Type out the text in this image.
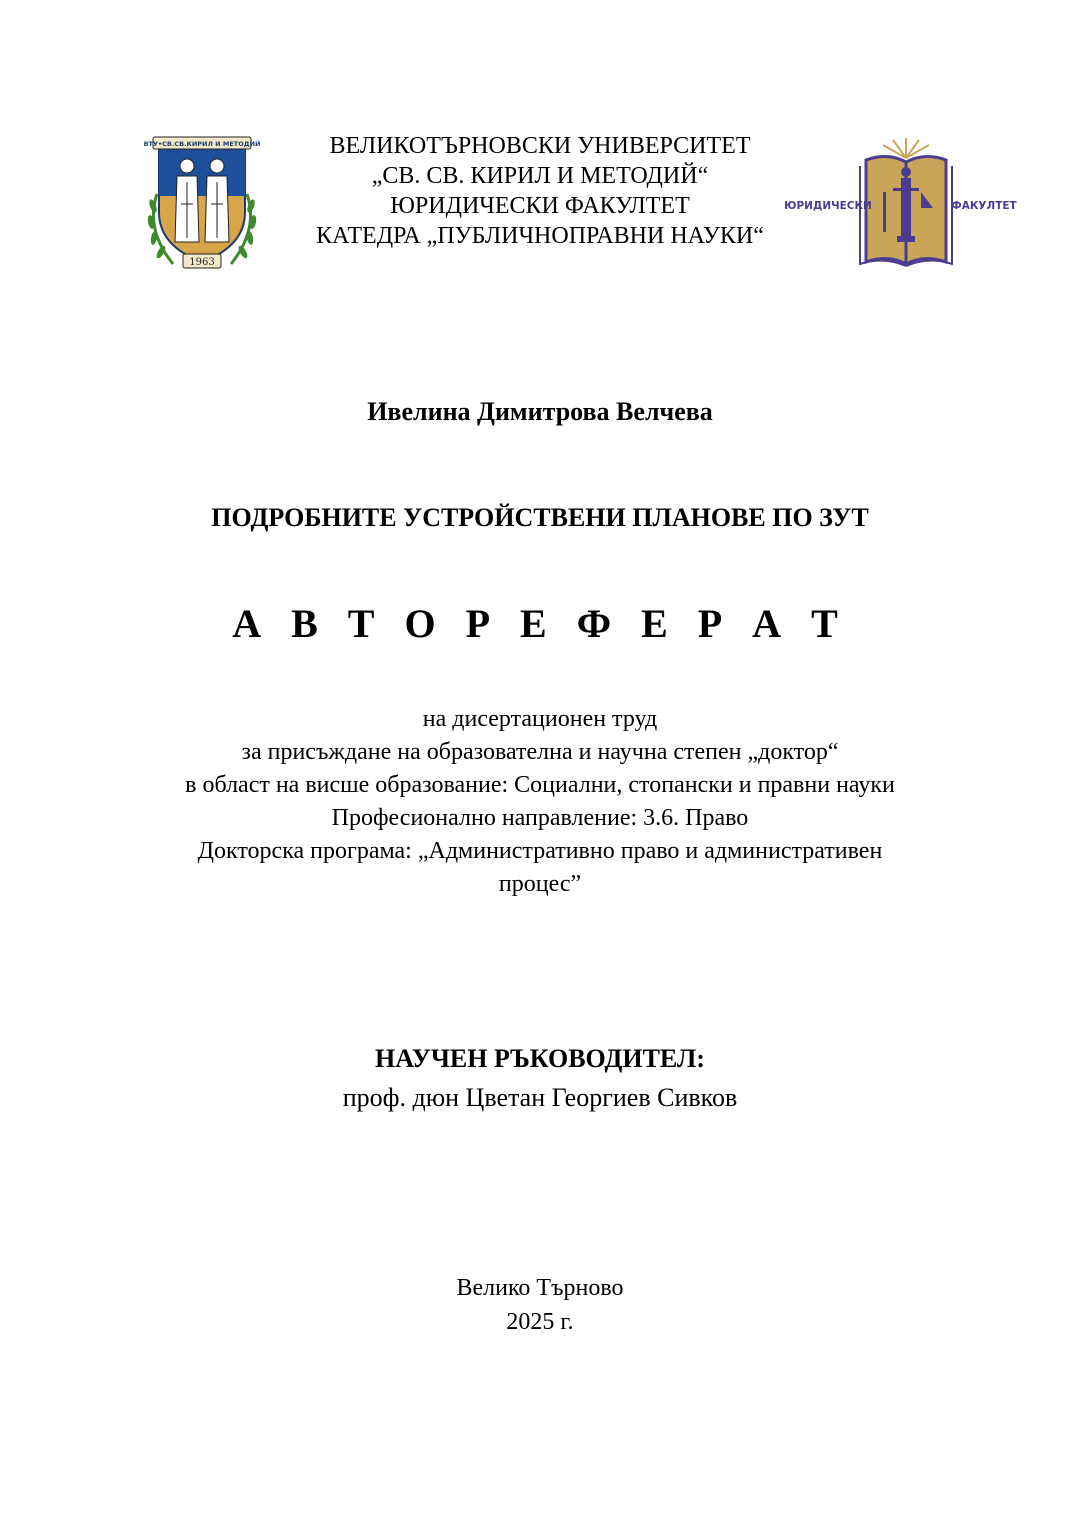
ВТУ•СВ.СВ.КИРИЛ И МЕТОДИЙ
1963
ВЕЛИКОТЪРНОВСКИ УНИВЕРСИТЕТ
„СВ. СВ. КИРИЛ И МЕТОДИЙ“
ЮРИДИЧЕСКИ ФАКУЛТЕТ
КАТЕДРА „ПУБЛИЧНОПРАВНИ НАУКИ“
ЮРИДИЧЕСКИ	ФАКУЛТЕТ
Ивелина Димитрова Велчева
ПОДРОБНИТЕ УСТРОЙСТВЕНИ ПЛАНОВЕ ПО ЗУТ
А В Т О Р Е Ф Е Р А Т
на дисертационен труд
за присъждане на образователна и научна степен „доктор“
в област на висше образование: Социални, стопански и правни науки
Професионално направление: 3.6. Право
Докторска програма: „Административно право и административен
процес”
НАУЧЕН РЪКОВОДИТЕЛ:
проф. дюн Цветан Георгиев Сивков
Велико Търново
2025 г.
